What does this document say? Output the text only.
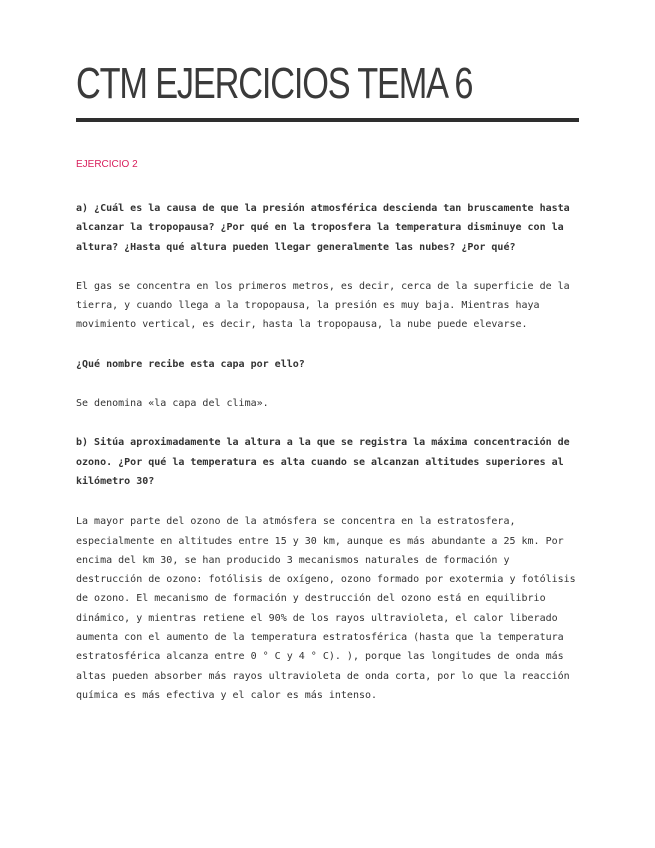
CTM EJERCICIOS TEMA 6
EJERCICIO 2

a) ¿Cuál es la causa de que la presión atmosférica descienda tan bruscamente hasta alcanzar la tropopausa? ¿Por qué en la troposfera la temperatura disminuye con la altura? ¿Hasta qué altura pueden llegar generalmente las nubes? ¿Por qué?

El gas se concentra en los primeros metros, es decir, cerca de la superficie de la tierra, y cuando llega a la tropopausa, la presión es muy baja. Mientras haya movimiento vertical, es decir, hasta la tropopausa, la nube puede elevarse.

¿Qué nombre recibe esta capa por ello?

Se denomina «la capa del clima».

b) Sitúa aproximadamente la altura a la que se registra la máxima concentración de ozono. ¿Por qué la temperatura es alta cuando se alcanzan altitudes superiores al kilómetro 30?

La mayor parte del ozono de la atmósfera se concentra en la estratosfera, especialmente en altitudes entre 15 y 30 km, aunque es más abundante a 25 km. Por encima del km 30, se han producido 3 mecanismos naturales de formación y destrucción de ozono: fotólisis de oxígeno, ozono formado por exotermia y fotólisis de ozono. El mecanismo de formación y destrucción del ozono está en equilibrio dinámico, y mientras retiene el 90% de los rayos ultravioleta, el calor liberado aumenta con el aumento de la temperatura estratosférica (hasta que la temperatura estratosférica alcanza entre 0 ° C y 4 ° C). ), porque las longitudes de onda más altas pueden absorber más rayos ultravioleta de onda corta, por lo que la reacción química es más efectiva y el calor es más intenso.
